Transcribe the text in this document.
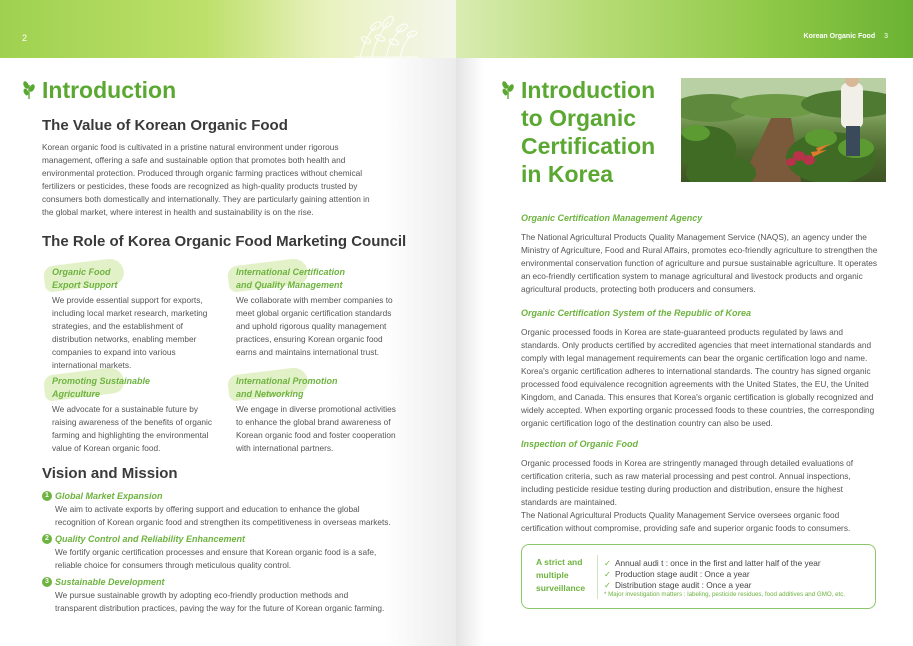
2
Introduction
The Value of Korean Organic Food
Korean organic food is cultivated in a pristine natural environment under rigorous
management, offering a safe and sustainable option that promotes both health and
environmental protection. Produced through organic farming practices without chemical
fertilizers or pesticides, these foods are recognized as high-quality products trusted by
consumers both domestically and internationally. They are particularly gaining attention in
the global market, where interest in health and sustainability is on the rise.
The Role of Korea Organic Food Marketing Council
Organic Food
Export Support
We provide essential support for exports,
including local market research, marketing
strategies, and the establishment of
distribution networks, enabling member
companies to expand into various
international markets.
International Certification
and Quality Management
We collaborate with member companies to
meet global organic certification standards
and uphold rigorous quality management
practices, ensuring Korean organic food
earns and maintains international trust.
Promoting Sustainable
Agriculture
We advocate for a sustainable future by
raising awareness of the benefits of organic
farming and highlighting the environmental
value of Korean organic food.
International Promotion
and Networking
We engage in diverse promotional activities
to enhance the global brand awareness of
Korean organic food and foster cooperation
with international partners.
Vision and Mission
1 Global Market Expansion
We aim to activate exports by offering support and education to enhance the global
recognition of Korean organic food and strengthen its competitiveness in overseas markets.
2 Quality Control and Reliability Enhancement
We fortify organic certification processes and ensure that Korean organic food is a safe,
reliable choice for consumers through meticulous quality control.
3 Sustainable Development
We pursue sustainable growth by adopting eco-friendly production methods and
transparent distribution practices, paving the way for the future of Korean organic farming.
Korean Organic Food 3
Introduction
to Organic
Certification
in Korea
Organic Certification Management Agency
The National Agricultural Products Quality Management Service (NAQS), an agency under the
Ministry of Agriculture, Food and Rural Affairs, promotes eco-friendly agriculture to strengthen the
environmental conservation function of agriculture and pursue sustainable agriculture. It operates
an eco-friendly certification system to manage agricultural and livestock products and organic
agricultural products, protecting both producers and consumers.
Organic Certification System of the Republic of Korea
Organic processed foods in Korea are state-guaranteed products regulated by laws and
standards. Only products certified by accredited agencies that meet international standards and
comply with legal management requirements can bear the organic certification logo and name.
Korea's organic certification adheres to international standards. The country has signed organic
processed food equivalence recognition agreements with the United States, the EU, the United
Kingdom, and Canada. This ensures that Korea's organic certification is globally recognized and
widely accepted. When exporting organic processed foods to these countries, the corresponding
organic certification logo of the destination country can also be used.
Inspection of Organic Food
Organic processed foods in Korea are stringently managed through detailed evaluations of
certification criteria, such as raw material processing and pest control. Annual inspections,
including pesticide residue testing during production and distribution, ensure the highest
standards are maintained.
The National Agricultural Products Quality Management Service oversees organic food
certification without compromise, providing safe and superior organic foods to consumers.
A strict and
multiple
surveillance
✓ Annual audi t : once in the first and latter half of the year
✓ Production stage audit : Once a year
✓ Distribution stage audit : Once a year
* Major investigation matters : labeling, pesticide residues, food additives and GMO, etc.
